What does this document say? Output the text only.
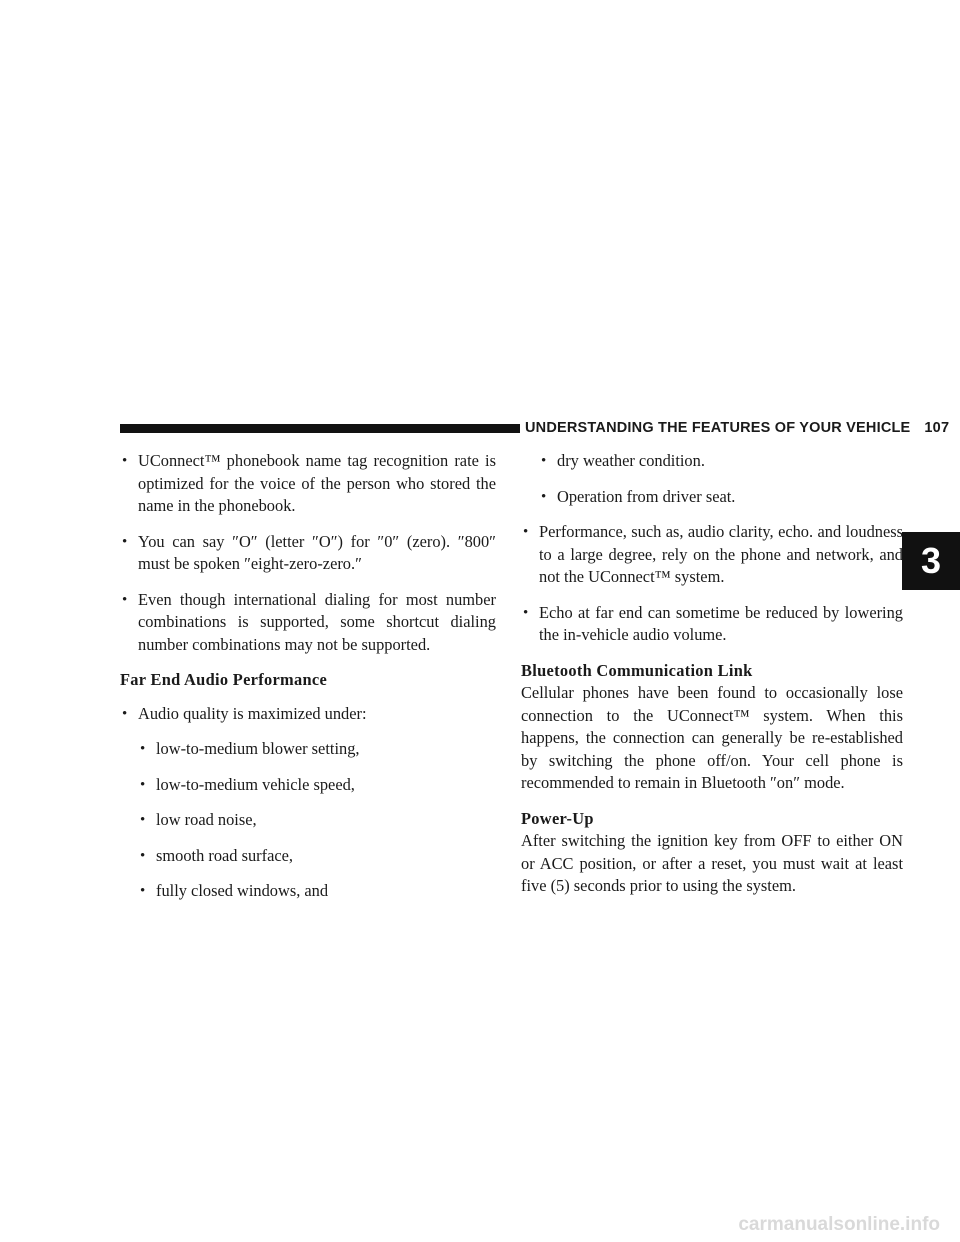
UNDERSTANDING THE FEATURES OF YOUR VEHICLE 107
3
• UConnect™ phonebook name tag recognition rate is optimized for the voice of the person who stored the name in the phonebook.
• You can say ″O″ (letter ″O″) for ″0″ (zero). ″800″ must be spoken ″eight-zero-zero.″
• Even though international dialing for most number combinations is supported, some shortcut dialing number combinations may not be supported.
Far End Audio Performance
• Audio quality is maximized under:
• low-to-medium blower setting,
• low-to-medium vehicle speed,
• low road noise,
• smooth road surface,
• fully closed windows, and
• dry weather condition.
• Operation from driver seat.
• Performance, such as, audio clarity, echo. and loudness to a large degree, rely on the phone and network, and not the UConnect™ system.
• Echo at far end can sometime be reduced by lowering the in-vehicle audio volume.
Bluetooth Communication Link
Cellular phones have been found to occasionally lose connection to the UConnect™ system. When this happens, the connection can generally be re-established by switching the phone off/on. Your cell phone is recommended to remain in Bluetooth ″on″ mode.
Power-Up
After switching the ignition key from OFF to either ON or ACC position, or after a reset, you must wait at least five (5) seconds prior to using the system.
carmanualsonline.info
